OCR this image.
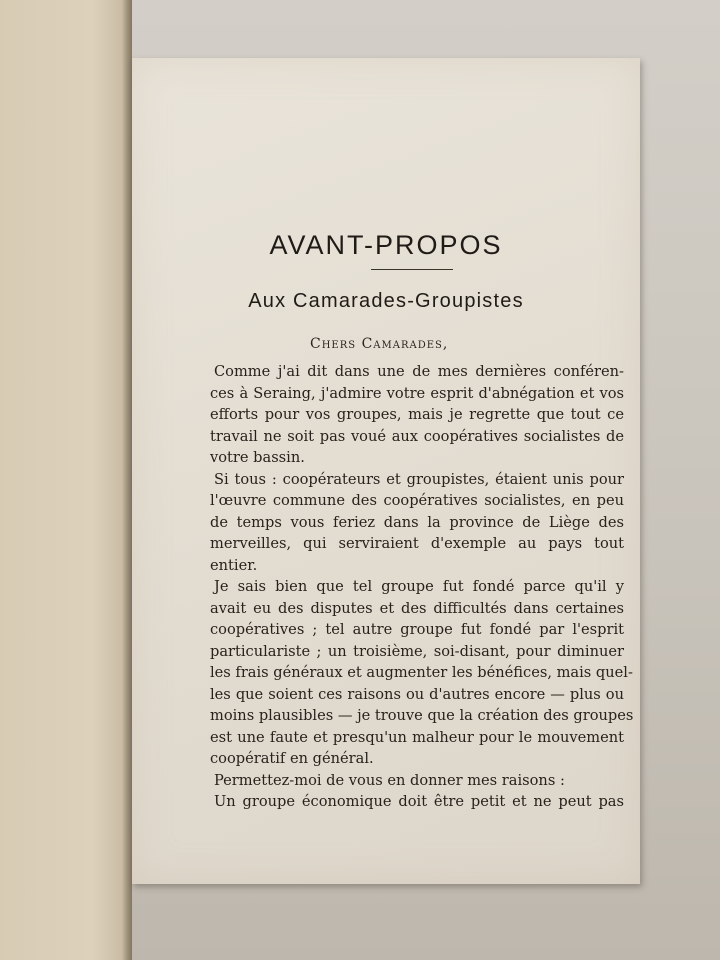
AVANT-PROPOS
Aux Camarades-Groupistes
Chers Camarades,
Comme j'ai dit dans une de mes dernières conféren-
ces à Seraing, j'admire votre esprit d'abnégation et vos
efforts pour vos groupes, mais je regrette que tout ce
travail ne soit pas voué aux coopératives socialistes de
votre bassin.
Si tous : coopérateurs et groupistes, étaient unis pour
l'œuvre commune des coopératives socialistes, en peu
de temps vous feriez dans la province de Liège des
merveilles, qui serviraient d'exemple au pays tout
entier.
Je sais bien que tel groupe fut fondé parce qu'il y
avait eu des disputes et des difficultés dans certaines
coopératives ; tel autre groupe fut fondé par l'esprit
particulariste ; un troisième, soi-disant, pour diminuer
les frais généraux et augmenter les bénéfices, mais quel-
les que soient ces raisons ou d'autres encore — plus ou
moins plausibles — je trouve que la création des groupes
est une faute et presqu'un malheur pour le mouvement
coopératif en général.
Permettez-moi de vous en donner mes raisons :
Un groupe économique doit être petit et ne peut pas
